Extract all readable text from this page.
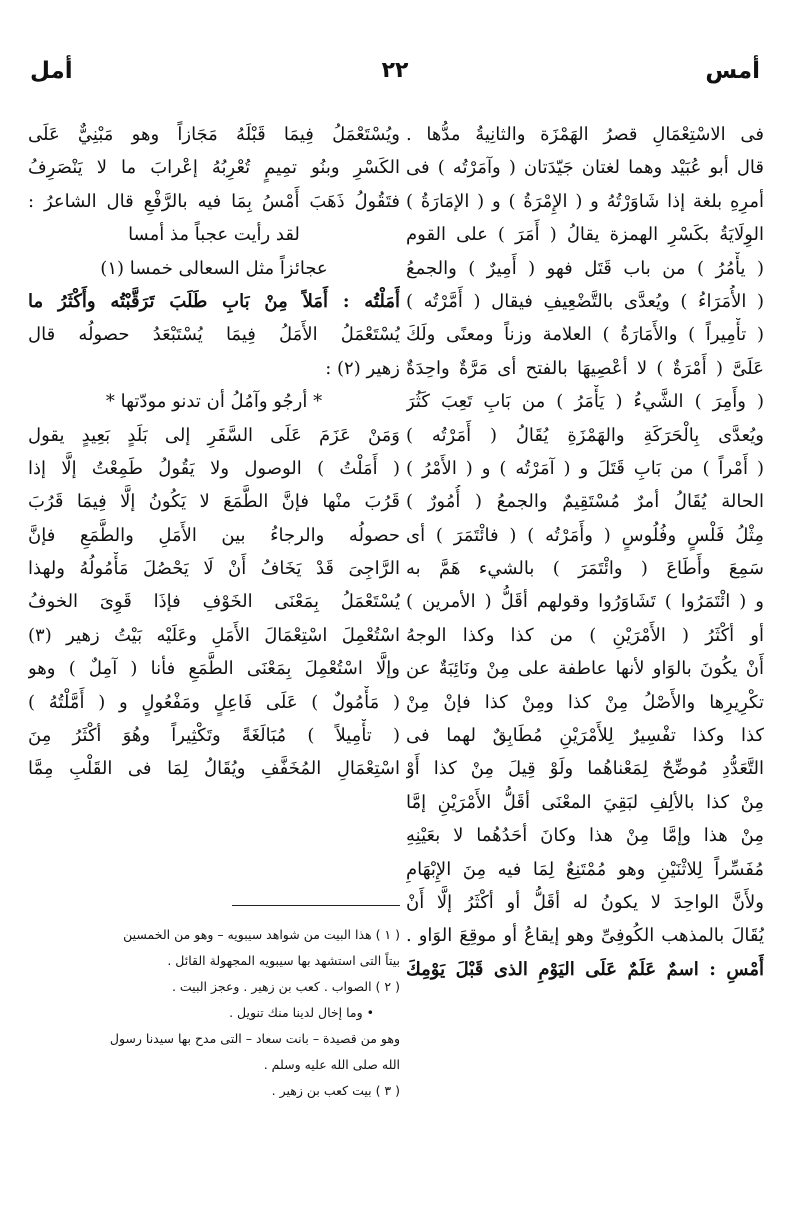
أمس
٢٢
أمل
فى الاسْتِعْمَالِ قصرُ الهَمْزَة والثانِيةُ مدُّها .
قال أبو عُبَيْد وهما لغتان جَيّدَتان ( وآمَرْتُه ) فى
أمرِهِ بلغة إذا شَاوَرْتُهُ و ( الإِمْرَةُ ) و ( الإمَارَةُ )
الوِلَايَةُ بكَسْرِ الهمزة يقالُ ( أَمَرَ ) على القوم
( يأْمُرُ ) من باب قَتَل فهو ( أَمِيرٌ ) والجمعُ
( الأُمَرَاءُ ) ويُعدَّى بالتَّضْعِيفِ فيقال ( أَمَّرْتُه )
( تأْمِيراً ) والأَمَارَةُ ) العلامة وزناً ومعنًى ولَكَ
عَلَىَّ ( أَمْرَةٌ ) لا أعْصِيهَا بالفتح أى مَرَّةٌ واحِدَةٌ
( وأَمِرَ ) الشَّيءُ ( يَأْمَرُ ) من بَابِ تَعِبَ كَثُرَ
ويُعدَّى بِالْحَرَكَةِ والهَمْزَةِ يُقَالُ ( أَمَرْتُه )
( أَمْراً ) من بَابِ قَتَلَ و ( آمَرْتُه ) و ( الأَمْرُ )
الحالة يُقَالُ أمرٌ مُسْتَقِيمٌ والجمعُ ( أُمُورٌ )
مِثْلُ فَلْسٍ وفُلُوسٍ ( وأَمَرْتُه ) ( فائْتَمَرَ ) أى
سَمِعَ وأَطَاعَ ( وائْتَمَرَ ) بالشيء هَمَّ به
و ( ائْتَمَرُوا ) تَشَاوَرُوا وقولهم أقَلُّ ( الأمرين )
أو أكْثَرُ ( الأَمْرَيْنِ ) من كذا وكذا الوجهُ
أَنْ يكُونَ بالوَاو لأنها عاطفة على مِنْ ونَائِبَةٌ عن
تكْرِيرِها والأَصْلُ مِنْ كذا ومِنْ كذا فإنْ مِنْ
كذا وكذا تفْسِيرٌ لِلأَمْرَيْنِ مُطَابِقٌ لهما فى
التَّعَدُّدِ مُوضِّحٌ لِمَعْناهُما ولَوْ قِيلَ مِنْ كذا أَوْ
مِنْ كذا بالألِفِ لبَقِيَ المعْنَى أقَلُّ الأَمْرَيْنِ إمَّا
مِنْ هذا وإمَّا مِنْ هذا وكانَ أحَدُهُما لا بعَيْنِهِ
مُفَسِّراً لِلاثْنَيْنِ وهو مُمْتَنِعٌ لِمَا فيه مِنَ الإِبْهَامِ
ولأَنَّ الواحِدَ لا يكونُ له أقَلُّ أو أكْثَرُ إلَّا أَنْ
يُقَالَ بالمذهب الكُوفِىِّ وهو إيقاعُ أو موقِعَ الوَاو .
أَمْسِ : اسمٌ عَلَمٌ عَلَى اليَوْمِ الذى قَبْلَ يَوْمِكَ
ويُسْتَعْمَلُ فِيمَا قَبْلَهُ مَجَازاً وهو مَبْنِيٌّ عَلَى
الكَسْرِ وبنُو تمِيمٍ تُعْرِبُهُ إعْرابَ ما لا يَنْصَرِفُ
فتَقُولُ ذَهَبَ أَمْسُ بِمَا فيه بالرَّفْعِ قال الشاعرُ :
لقد رأيت عجباً مذ أمسا
عجائزاً مثل السعالى خمسا (١)
أَمَلْتُه : أَمَلاً مِنْ بَابِ طَلَبَ تَرَقَّبْتُه وأَكْثَرُ ما
يُسْتَعْمَلُ الأَمَلُ فِيمَا يُسْتَبْعَدُ حصولُه قال
زهير (٢) :
* أرجُو وآمُلُ أن تدنو مودّتها *
وَمَنْ عَزَمَ عَلَى السَّفَرِ إلى بَلَدٍ بَعِيدٍ يقول
( أَمَلْتُ ) الوصول ولا يَقُولُ طَمِعْتُ إلَّا إذا
قَرُبَ منْها فإنَّ الطَّمَعَ لا يَكُونُ إلَّا فِيمَا قَرُبَ
حصولُه والرجاءُ بين الأَمَلِ والطَّمَعِ فإنَّ
الرَّاجِىَ قَدْ يَخَافُ أَنْ لَا يَحْصُلَ مَأْمُولُهُ ولهذا
يُسْتَعْمَلُ بِمَعْنَى الخَوْفِ فإذَا قَوِىَ الخوفُ
اسْتُعْمِلَ اسْتِعْمَالَ الأَمَلِ وعَلَيْه بَيْتُ زهير (٣)
وإلَّا اسْتُعْمِلَ بِمَعْنَى الطَّمَعِ فأنا ( آمِلٌ ) وهو
( مَأْمُولٌ ) عَلَى فَاعِلٍ ومَفْعُولٍ و ( أَمَّلْتُهُ )
( تأْمِيلاً ) مُبَالَغَةً وتَكْثِيراً وهُوَ أكْثَرُ مِنَ
اسْتِعْمَالِ المُخَفَّفِ ويُقَالُ لِمَا فى القَلْبِ مِمَّا
( ١ ) هذا البيت من شواهد سيبويه – وهو من الخمسين
بيتاً التى استشهد بها سيبويه المجهولة القائل .
( ٢ ) الصواب . كعب بن زهير . وعجز البيت .
• وما إخال لدينا منك تنويل .
وهو من قصيدة – بانت سعاد – التى مدح بها سيدنا رسول
الله صلى الله عليه وسلم .
( ٣ ) بيت كعب بن زهير .
